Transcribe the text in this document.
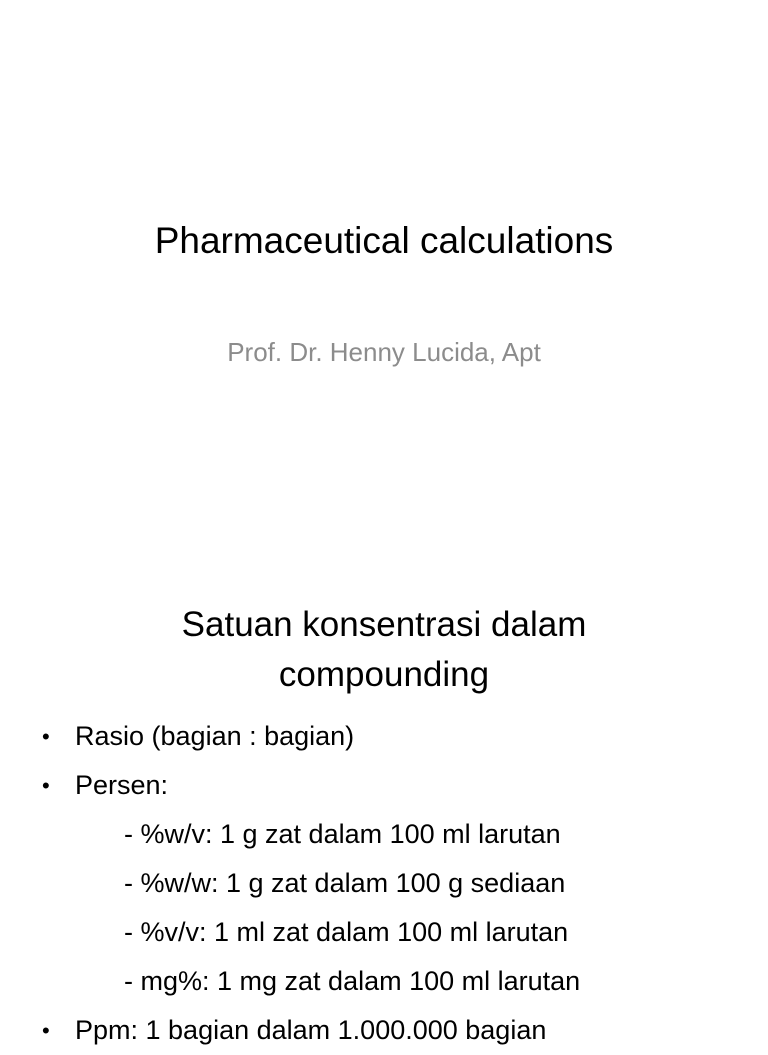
Pharmaceutical calculations
Prof. Dr. Henny Lucida, Apt
Satuan konsentrasi dalam
compounding
• Rasio (bagian : bagian)
• Persen:
- %w/v: 1 g zat dalam 100 ml larutan
- %w/w: 1 g zat dalam 100 g sediaan
- %v/v: 1 ml zat dalam 100 ml larutan
- mg%: 1 mg zat dalam 100 ml larutan
• Ppm: 1 bagian dalam 1.000.000 bagian
